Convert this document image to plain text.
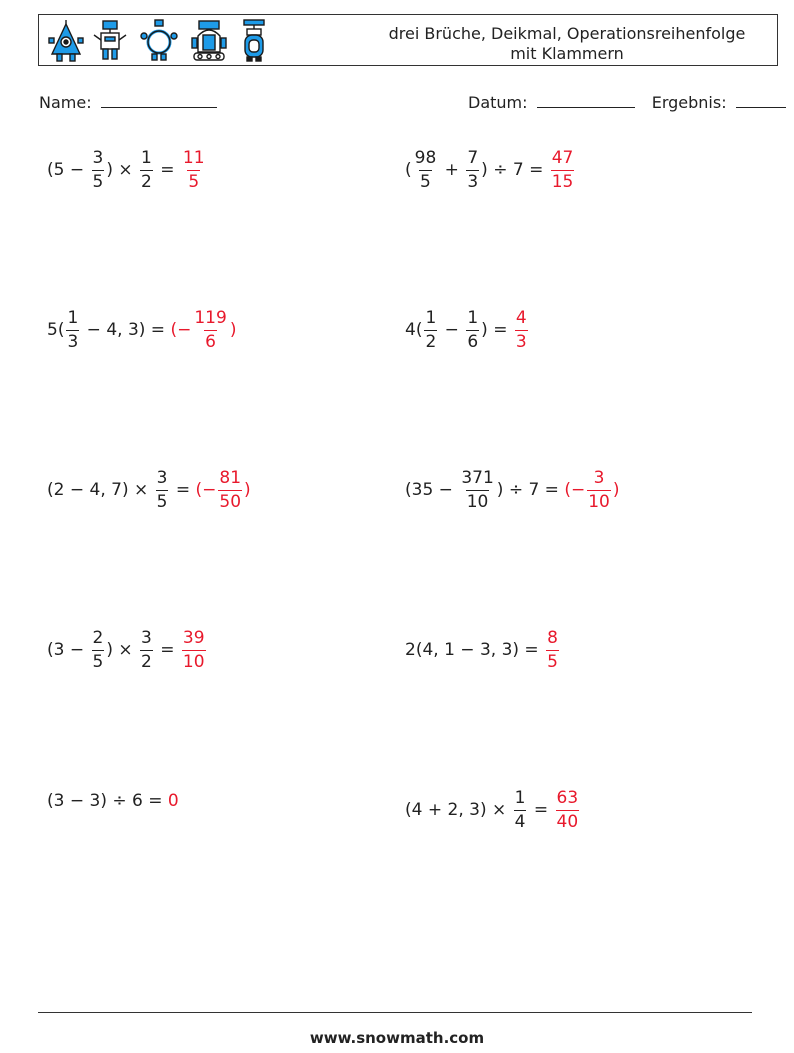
drei Brüche, Deikmal, Operationsreihenfolge
mit Klammern
Name:	Datum:	Ergebnis:
($5 - \frac{3}{5}$ ) × $\frac{1}{2} = \frac{11}{5}$	( $\frac{98}{5} + \frac{7}{3}$ ) ÷ $7 = \frac{47}{15}$
$5( \frac{1}{3} - 4$, 3) = (− $\frac{119}{6}$ )	$4( \frac{1}{2} - \frac{1}{6}$ ) = $\frac{4}{3}$
(2 − 4, $7) \times \frac{3}{5}$ = (− $\frac{81}{50}$ )	($35 - \frac{371}{10}$ ) ÷ 7 = (− $\frac{3}{10}$ )
($3 - \frac{2}{5}$ ) × $\frac{3}{2} = \frac{39}{10}$	2(4, 1 − 3, $3) = \frac{8}{5}$
(3 − 3) ÷ 6 = 0	(4 + 2, $3) \times \frac{1}{4} = \frac{63}{40}$
www.snowmath.com
